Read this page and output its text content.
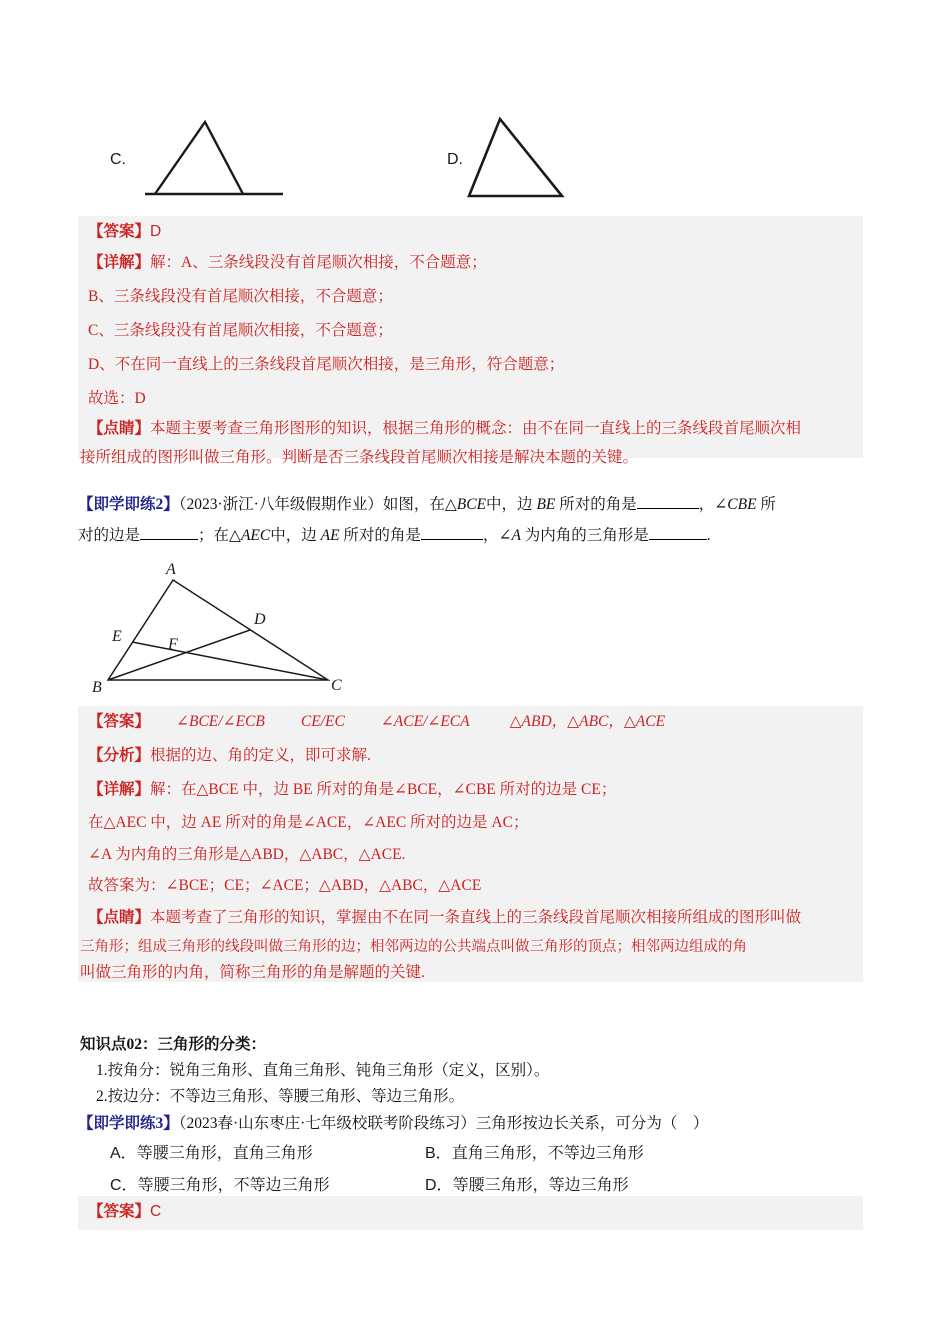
C.	D.
【答案】D
【详解】解：A、三条线段没有首尾顺次相接，不合题意；
B、三条线段没有首尾顺次相接，不合题意；
C、三条线段没有首尾顺次相接，不合题意；
D、不在同一直线上的三条线段首尾顺次相接，是三角形，符合题意；
故选：D
【点睛】本题主要考查三角形图形的知识，根据三角形的概念：由不在同一直线上的三条线段首尾顺次相
接所组成的图形叫做三角形。判断是否三条线段首尾顺次相接是解决本题的关键。
【即学即练2】（2023·浙江·八年级假期作业）如图，在△BCE中，边 BE 所对的角是	，∠CBE 所
对的边是	；在△AEC中，边 AE 所对的角是	，∠A 为内角的三角形是	.
A
B	C
D
E	F
【答案】 ∠BCE/∠ECB CE/EC ∠ACE/∠ECA	△ABD，△ABC，△ACE
【分析】根据的边、角的定义，即可求解.
【详解】解：在△BCE 中，边 BE 所对的角是∠BCE，∠CBE 所对的边是 CE；
在△AEC 中，边 AE 所对的角是∠ACE，∠AEC 所对的边是 AC；
∠A 为内角的三角形是△ABD，△ABC，△ACE.
故答案为：∠BCE；CE；∠ACE；△ABD，△ABC，△ACE
【点睛】本题考查了三角形的知识，掌握由不在同一条直线上的三条线段首尾顺次相接所组成的图形叫做
三角形；组成三角形的线段叫做三角形的边；相邻两边的公共端点叫做三角形的顶点；相邻两边组成的角
叫做三角形的内角，简称三角形的角是解题的关键.
知识点02：三角形的分类：
1.按角分：锐角三角形、直角三角形、钝角三角形（定义，区别）。
2.按边分：不等边三角形、等腰三角形、等边三角形。
【即学即练3】（2023春·山东枣庄·七年级校联考阶段练习）三角形按边长关系，可分为（　）
A．等腰三角形，直角三角形	B．直角三角形，不等边三角形
C．等腰三角形，不等边三角形	D．等腰三角形，等边三角形
【答案】C
